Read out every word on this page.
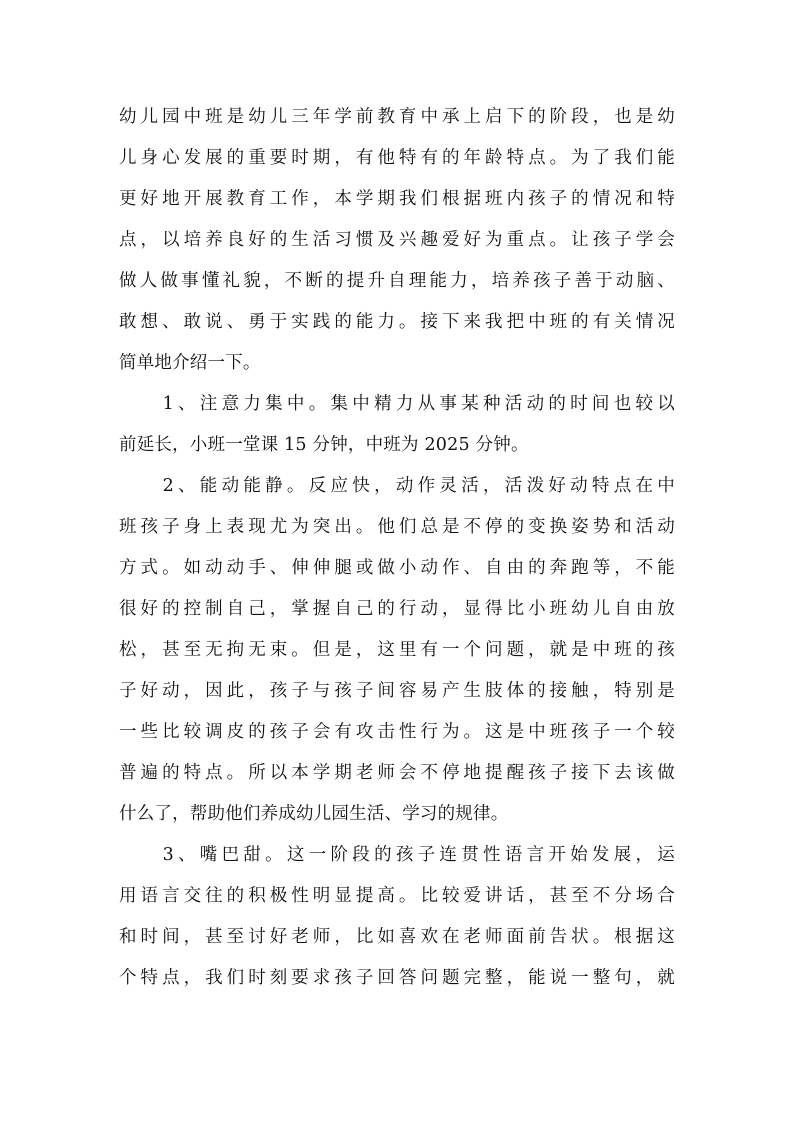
幼儿园中班是幼儿三年学前教育中承上启下的阶段，也是幼
儿身心发展的重要时期，有他特有的年龄特点。为了我们能
更好地开展教育工作，本学期我们根据班内孩子的情况和特
点，以培养良好的生活习惯及兴趣爱好为重点。让孩子学会
做人做事懂礼貌，不断的提升自理能力，培养孩子善于动脑、
敢想、敢说、勇于实践的能力。接下来我把中班的有关情况
简单地介绍一下。
　　1、注意力集中。集中精力从事某种活动的时间也较以
前延长，小班一堂课 15 分钟，中班为 2025 分钟。
　　2、能动能静。反应快，动作灵活，活泼好动特点在中
班孩子身上表现尤为突出。他们总是不停的变换姿势和活动
方式。如动动手、伸伸腿或做小动作、自由的奔跑等，不能
很好的控制自己，掌握自己的行动，显得比小班幼儿自由放
松，甚至无拘无束。但是，这里有一个问题，就是中班的孩
子好动，因此，孩子与孩子间容易产生肢体的接触，特别是
一些比较调皮的孩子会有攻击性行为。这是中班孩子一个较
普遍的特点。所以本学期老师会不停地提醒孩子接下去该做
什么了，帮助他们养成幼儿园生活、学习的规律。
　　3、嘴巴甜。这一阶段的孩子连贯性语言开始发展，运
用语言交往的积极性明显提高。比较爱讲话，甚至不分场合
和时间，甚至讨好老师，比如喜欢在老师面前告状。根据这
个特点，我们时刻要求孩子回答问题完整，能说一整句，就
